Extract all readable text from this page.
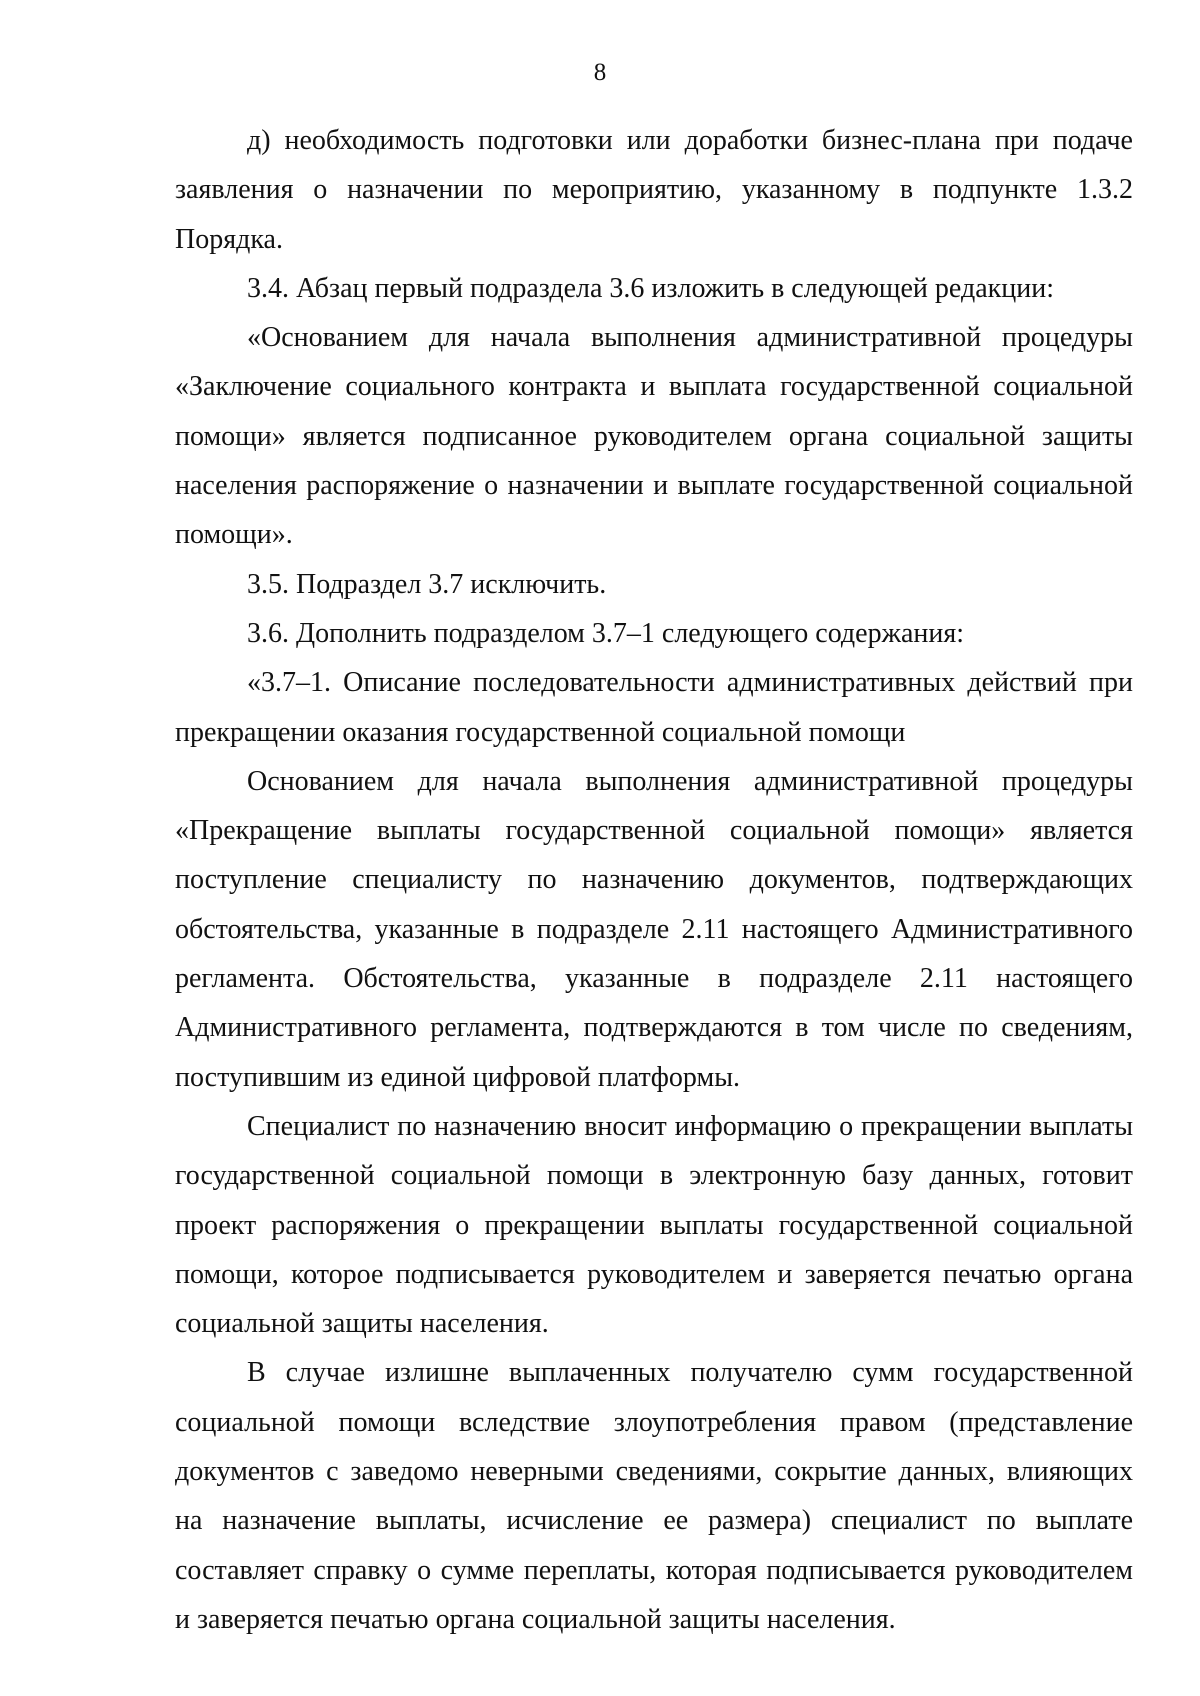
8

д) необходимость подготовки или доработки бизнес-плана при подаче заявления о назначении по мероприятию, указанному в подпункте 1.3.2 Порядка.

3.4. Абзац первый подраздела 3.6 изложить в следующей редакции:

«Основанием для начала выполнения административной процедуры «Заключение социального контракта и выплата государственной социальной помощи» является подписанное руководителем органа социальной защиты населения распоряжение о назначении и выплате государственной социальной помощи».

3.5. Подраздел 3.7 исключить.

3.6. Дополнить подразделом 3.7–1 следующего содержания:

«3.7–1. Описание последовательности административных действий при прекращении оказания государственной социальной помощи

Основанием для начала выполнения административной процедуры «Прекращение выплаты государственной социальной помощи» является поступление специалисту по назначению документов, подтверждающих обстоятельства, указанные в подразделе 2.11 настоящего Административного регламента. Обстоятельства, указанные в подразделе 2.11 настоящего Административного регламента, подтверждаются в том числе по сведениям, поступившим из единой цифровой платформы.

Специалист по назначению вносит информацию о прекращении выплаты государственной социальной помощи в электронную базу данных, готовит проект распоряжения о прекращении выплаты государственной социальной помощи, которое подписывается руководителем и заверяется печатью органа социальной защиты населения.

В случае излишне выплаченных получателю сумм государственной социальной помощи вследствие злоупотребления правом (представление документов с заведомо неверными сведениями, сокрытие данных, влияющих на назначение выплаты, исчисление ее размера) специалист по выплате составляет справку о сумме переплаты, которая подписывается руководителем и заверяется печатью органа социальной защиты населения.
